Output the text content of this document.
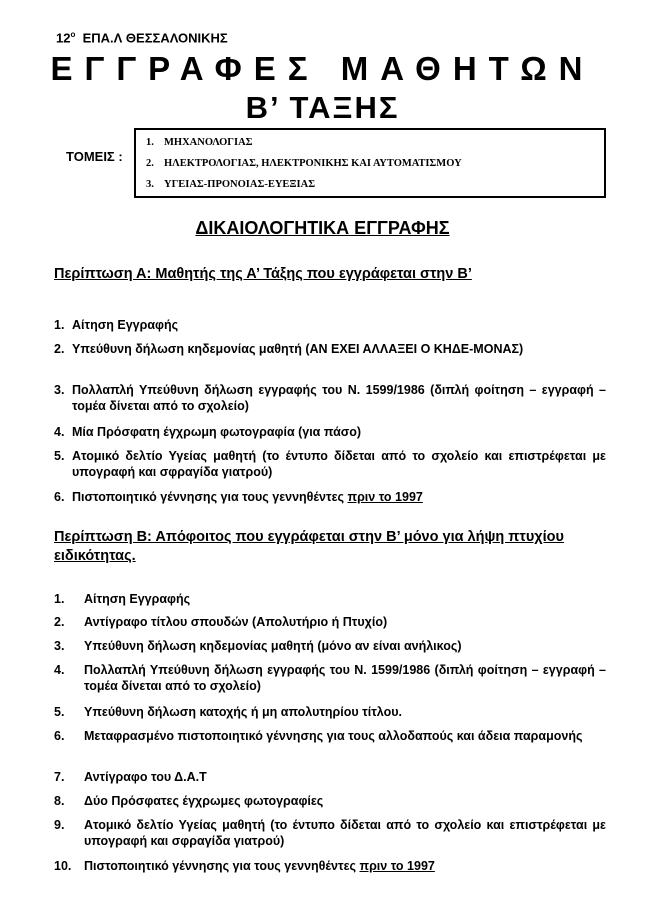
12$^o$ ΕΠΑ.Λ ΘΕΣΣΑΛΟΝΙΚΗΣ
ΕΓΓΡΑΦΕΣ ΜΑΘΗΤΩΝ
Β’ ΤΑΞΗΣ
ΤΟΜΕΙΣ :
1. ΜΗΧΑΝΟΛΟΓΙΑΣ
2. ΗΛΕΚΤΡΟΛΟΓΙΑΣ, ΗΛΕΚΤΡΟΝΙΚΗΣ ΚΑΙ ΑΥΤΟΜΑΤΙΣΜΟΥ
3. ΥΓΕΙΑΣ-ΠΡΟΝΟΙΑΣ-ΕΥΕΞΙΑΣ
ΔΙΚΑΙΟΛΟΓΗΤΙΚΑ ΕΓΓΡΑΦΗΣ
Περίπτωση Α: Μαθητής της Α’ Τάξης που εγγράφεται στην Β’
1. Αίτηση Εγγραφής
2. Υπεύθυνη δήλωση κηδεμονίας μαθητή (ΑΝ ΕΧΕΙ ΑΛΛΑΞΕΙ Ο ΚΗΔΕ-ΜΟΝΑΣ)
3. Πολλαπλή Υπεύθυνη δήλωση εγγραφής του Ν. 1599/1986 (διπλή φοίτηση – εγγραφή – τομέα δίνεται από το σχολείο)
4. Μία Πρόσφατη έγχρωμη φωτογραφία (για πάσο)
5. Ατομικό δελτίο Υγείας μαθητή (το έντυπο δίδεται από το σχολείο και επιστρέφεται με υπογραφή και σφραγίδα γιατρού)
6. Πιστοποιητικό γέννησης για τους γεννηθέντες πριν το 1997
Περίπτωση Β: Απόφοιτος που εγγράφεται στην Β’ μόνο για λήψη πτυχίου ειδικότητας.
1. Αίτηση Εγγραφής
2. Αντίγραφο τίτλου σπουδών (Απολυτήριο ή Πτυχίο)
3. Υπεύθυνη δήλωση κηδεμονίας μαθητή (μόνο αν είναι ανήλικος)
4. Πολλαπλή Υπεύθυνη δήλωση εγγραφής του Ν. 1599/1986 (διπλή φοίτηση – εγγραφή – τομέα δίνεται από το σχολείο)
5. Υπεύθυνη δήλωση κατοχής ή μη απολυτηρίου τίτλου.
6. Μεταφρασμένο πιστοποιητικό γέννησης για τους αλλοδαπούς και άδεια παραμονής
7. Αντίγραφο του Δ.Α.Τ
8. Δύο Πρόσφατες έγχρωμες φωτογραφίες
9. Ατομικό δελτίο Υγείας μαθητή (το έντυπο δίδεται από το σχολείο και επιστρέφεται με υπογραφή και σφραγίδα γιατρού)
10. Πιστοποιητικό γέννησης για τους γεννηθέντες πριν το 1997
